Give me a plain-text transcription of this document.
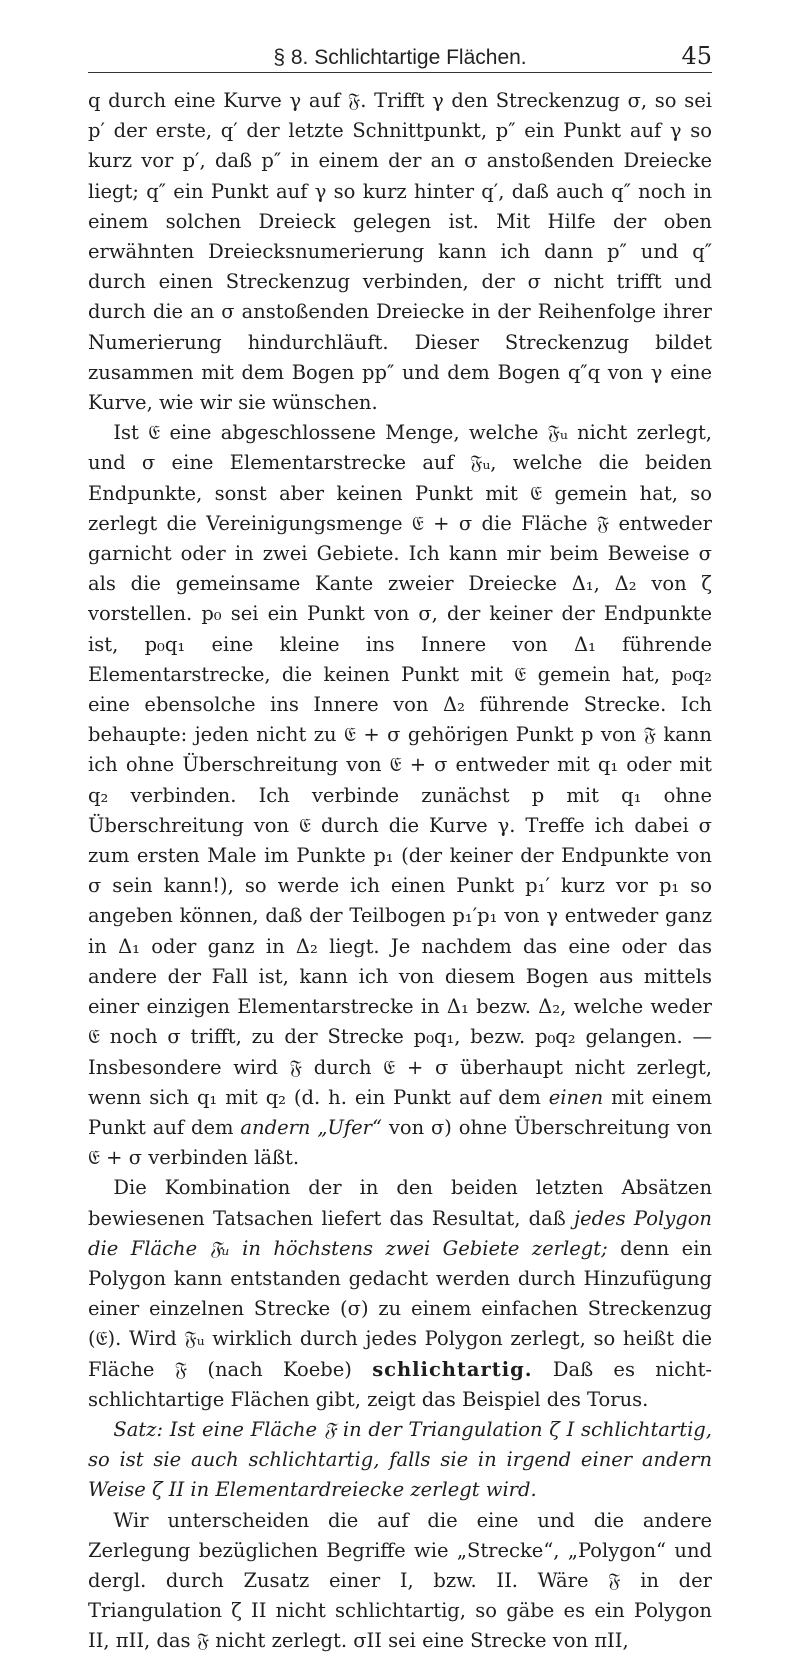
§ 8. Schlichtartige Flächen.	45

q durch eine Kurve γ auf 𝔉. Trifft γ den Streckenzug σ, so sei p′ der erste, q′ der letzte Schnittpunkt, p″ ein Punkt auf γ so kurz vor p′, daß p″ in einem der an σ anstoßenden Dreiecke liegt; q″ ein Punkt auf γ so kurz hinter q′, daß auch q″ noch in einem solchen Dreieck gelegen ist. Mit Hilfe der oben erwähnten Dreiecksnumerierung kann ich dann p″ und q″ durch einen Streckenzug verbinden, der σ nicht trifft und durch die an σ anstoßenden Dreiecke in der Reihenfolge ihrer Numerierung hindurchläuft. Dieser Streckenzug bildet zusammen mit dem Bogen pp″ und dem Bogen q″q von γ eine Kurve, wie wir sie wünschen.

Ist 𝔈 eine abgeschlossene Menge, welche 𝔉ᵤ nicht zerlegt, und σ eine Elementarstrecke auf 𝔉ᵤ, welche die beiden Endpunkte, sonst aber keinen Punkt mit 𝔈 gemein hat, so zerlegt die Vereinigungsmenge 𝔈 + σ die Fläche 𝔉 entweder garnicht oder in zwei Gebiete. Ich kann mir beim Beweise σ als die gemeinsame Kante zweier Dreiecke Δ₁, Δ₂ von ζ vorstellen. p₀ sei ein Punkt von σ, der keiner der Endpunkte ist, p₀q₁ eine kleine ins Innere von Δ₁ führende Elementarstrecke, die keinen Punkt mit 𝔈 gemein hat, p₀q₂ eine ebensolche ins Innere von Δ₂ führende Strecke. Ich behaupte: jeden nicht zu 𝔈 + σ gehörigen Punkt p von 𝔉 kann ich ohne Überschreitung von 𝔈 + σ entweder mit q₁ oder mit q₂ verbinden. Ich verbinde zunächst p mit q₁ ohne Überschreitung von 𝔈 durch die Kurve γ. Treffe ich dabei σ zum ersten Male im Punkte p₁ (der keiner der Endpunkte von σ sein kann!), so werde ich einen Punkt p₁′ kurz vor p₁ so angeben können, daß der Teilbogen p₁′p₁ von γ entweder ganz in Δ₁ oder ganz in Δ₂ liegt. Je nachdem das eine oder das andere der Fall ist, kann ich von diesem Bogen aus mittels einer einzigen Elementarstrecke in Δ₁ bezw. Δ₂, welche weder 𝔈 noch σ trifft, zu der Strecke p₀q₁, bezw. p₀q₂ gelangen. — Insbesondere wird 𝔉 durch 𝔈 + σ überhaupt nicht zerlegt, wenn sich q₁ mit q₂ (d. h. ein Punkt auf dem einen mit einem Punkt auf dem andern „Ufer“ von σ) ohne Überschreitung von 𝔈 + σ verbinden läßt.

Die Kombination der in den beiden letzten Absätzen bewiesenen Tatsachen liefert das Resultat, daß jedes Polygon die Fläche 𝔉ᵤ in höchstens zwei Gebiete zerlegt; denn ein Polygon kann entstanden gedacht werden durch Hinzufügung einer einzelnen Strecke (σ) zu einem einfachen Streckenzug (𝔈). Wird 𝔉ᵤ wirklich durch jedes Polygon zerlegt, so heißt die Fläche 𝔉 (nach Koebe) schlichtartig. Daß es nicht-schlichtartige Flächen gibt, zeigt das Beispiel des Torus.

Satz: Ist eine Fläche 𝔉 in der Triangulation ζ I schlichtartig, so ist sie auch schlichtartig, falls sie in irgend einer andern Weise ζ II in Elementardreiecke zerlegt wird.

Wir unterscheiden die auf die eine und die andere Zerlegung bezüglichen Begriffe wie „Strecke“, „Polygon“ und dergl. durch Zusatz einer I, bzw. II. Wäre 𝔉 in der Triangulation ζ II nicht schlichtartig, so gäbe es ein Polygon II, πII, das 𝔉 nicht zerlegt. σII sei eine Strecke von πII,
